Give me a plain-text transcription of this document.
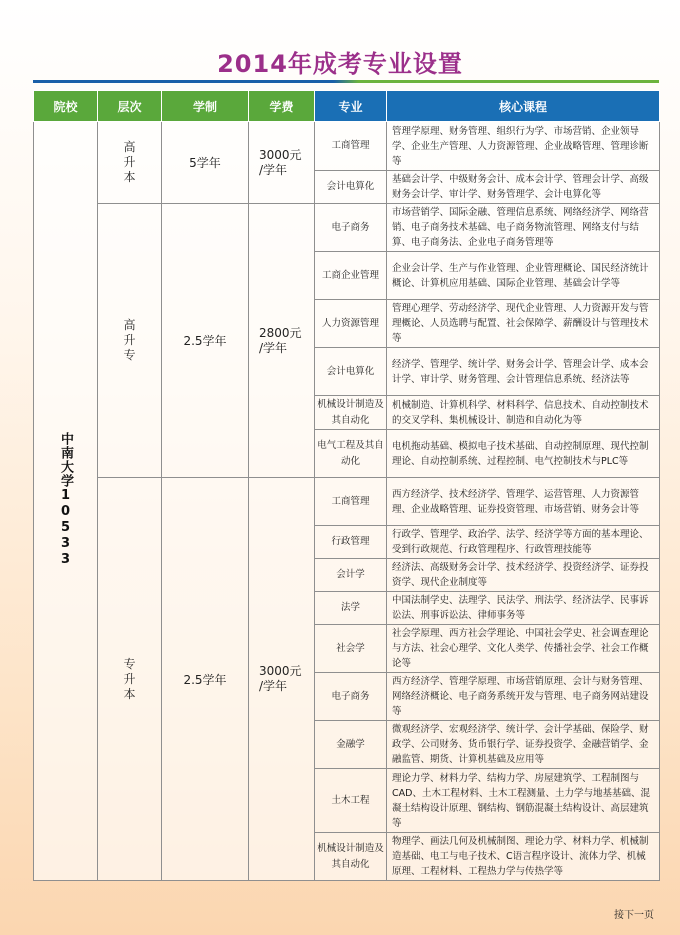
2014年成考专业设置
院校	层次	学制	学费	专业	核心课程
中南大学10533	高升本	5学年	3000元
/学年	工商管理	管理学原理、财务管理、组织行为学、市场营销、企业领导学、企业生产管理、人力资源管理、企业战略管理、管理诊断等
				会计电算化	基础会计学、中级财务会计、成本会计学、管理会计学、高级财务会计学、审计学、财务管理学、会计电算化等
	高升专	2.5学年	2800元
/学年	电子商务	市场营销学、国际金融、管理信息系统、网络经济学、网络营销、电子商务技术基础、电子商务物流管理、网络支付与结算、电子商务法、企业电子商务管理等
				工商企业管理	企业会计学、生产与作业管理、企业管理概论、国民经济统计概论、计算机应用基础、国际企业管理、基础会计学等
				人力资源管理	管理心理学、劳动经济学、现代企业管理、人力资源开发与管理概论、人员选聘与配置、社会保障学、薪酬设计与管理技术等
				会计电算化	经济学、管理学、统计学、财务会计学、管理会计学、成本会计学、审计学、财务管理、会计管理信息系统、经济法等
				机械设计制造及其自动化	机械制造、计算机科学、材料科学、信息技术、自动控制技术的交叉学科、集机械设计、制造和自动化为等
				电气工程及其自动化	电机拖动基础、模拟电子技术基础、自动控制原理、现代控制理论、自动控制系统、过程控制、电气控制技术与PLC等
	专升本	2.5学年	3000元
/学年	工商管理	西方经济学、技术经济学、管理学、运营管理、人力资源管理、企业战略管理、证券投资管理、市场营销、财务会计等
				行政管理	行政学、管理学、政治学、法学、经济学等方面的基本理论、受到行政规范、行政管理程序、行政管理技能等
				会计学	经济法、高级财务会计学、技术经济学、投资经济学、证券投资学、现代企业制度等
				法学	中国法制学史、法理学、民法学、刑法学、经济法学、民事诉讼法、刑事诉讼法、律师事务等
				社会学	社会学原理、西方社会学理论、中国社会学史、社会调查理论与方法、社会心理学、文化人类学、传播社会学、社会工作概论等
				电子商务	西方经济学、管理学原理、市场营销原理、会计与财务管理、网络经济概论、电子商务系统开发与管理、电子商务网站建设等
				金融学	微观经济学、宏观经济学、统计学、会计学基础、保险学、财政学、公司财务、货币银行学、证券投资学、金融营销学、金融监管、期货、计算机基础及应用等
				土木工程	理论力学、材料力学、结构力学、房屋建筑学、工程制图与CAD、土木工程材料、土木工程测量、土力学与地基基础、混凝土结构设计原理、钢结构、钢筋混凝土结构设计、高层建筑等
				机械设计制造及其自动化	物理学、画法几何及机械制图、理论力学、材料力学、机械制造基础、电工与电子技术、C语言程序设计、流体力学、机械原理、工程材料、工程热力学与传热学等
接下一页
